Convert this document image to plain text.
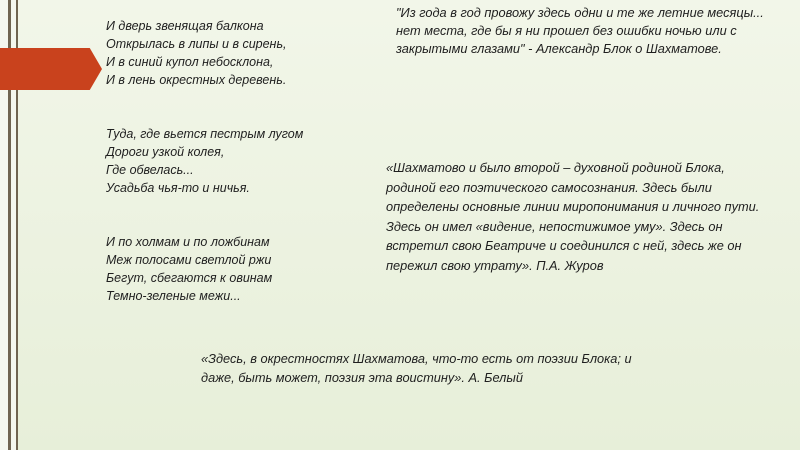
И дверь звенящая балкона
Открылась в липы и в сирень,
И в синий купол небосклона,
И в лень окрестных деревень.

Туда, где вьется пестрым лугом
Дороги узкой колея,
Где обвелась...
Усадьба чья-то и ничья.

И по холмам и по ложбинам
Меж полосами светлой ржи
Бегут, сбегаются к овинам
Темно-зеленые межи...

"Из года в год провожу здесь одни и те же летние месяцы... нет места, где бы я ни прошел без ошибки ночью или с закрытыми глазами" - Александр Блок о Шахматове.

«Шахматово и было второй – духовной родиной Блока, родиной его поэтического самосознания. Здесь были определены основные линии миропонимания и личного пути. Здесь он имел «видение, непостижимое уму». Здесь он встретил свою Беатриче и соединился с ней, здесь же он пережил свою утрату». П.А. Журов

«Здесь, в окрестностях Шахматова, что-то есть от поэзии Блока; и даже, быть может, поэзия эта воистину». А. Белый
